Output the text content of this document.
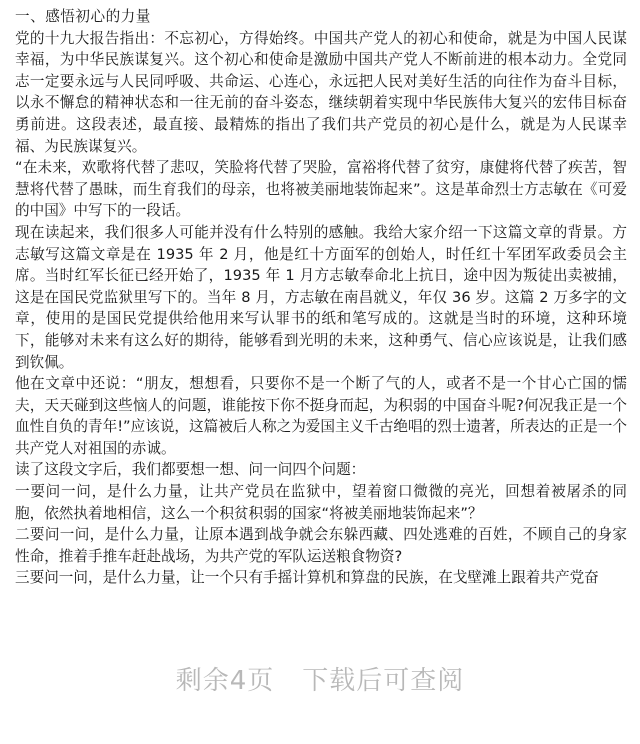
一、感悟初心的力量

党的十九大报告指出：不忘初心，方得始终。中国共产党人的初心和使命，就是为中国人民谋幸福，为中华民族谋复兴。这个初心和使命是激励中国共产党人不断前进的根本动力。全党同志一定要永远与人民同呼吸、共命运、心连心，永远把人民对美好生活的向往作为奋斗目标，以永不懈怠的精神状态和一往无前的奋斗姿态，继续朝着实现中华民族伟大复兴的宏伟目标奋勇前进。这段表述，最直接、最精炼的指出了我们共产党员的初心是什么，就是为人民谋幸福、为民族谋复兴。

“在未来，欢歌将代替了悲叹，笑脸将代替了哭脸，富裕将代替了贫穷，康健将代替了疾苦，智慧将代替了愚昧，而生育我们的母亲，也将被美丽地装饰起来”。这是革命烈士方志敏在《可爱的中国》中写下的一段话。

现在读起来，我们很多人可能并没有什么特别的感触。我给大家介绍一下这篇文章的背景。方志敏写这篇文章是在 1935 年 2 月，他是红十方面军的创始人，时任红十军团军政委员会主席。当时红军长征已经开始了，1935 年 1 月方志敏奉命北上抗日，途中因为叛徒出卖被捕，这是在国民党监狱里写下的。当年 8 月，方志敏在南昌就义，年仅 36 岁。这篇 2 万多字的文章，使用的是国民党提供给他用来写认罪书的纸和笔写成的。这就是当时的环境，这种环境下，能够对未来有这么好的期待，能够看到光明的未来，这种勇气、信心应该说是，让我们感到钦佩。

他在文章中还说：“朋友，想想看，只要你不是一个断了气的人，或者不是一个甘心亡国的懦夫，天天碰到这些恼人的问题，谁能按下你不挺身而起，为积弱的中国奋斗呢?何况我正是一个血性自负的青年!”应该说，这篇被后人称之为爱国主义千古绝唱的烈士遗著，所表达的正是一个共产党人对祖国的赤诚。

读了这段文字后，我们都要想一想、问一问四个问题：

一要问一问，是什么力量，让共产党员在监狱中，望着窗口微微的亮光，回想着被屠杀的同胞，依然执着地相信，这么一个积贫积弱的国家“将被美丽地装饰起来”？

二要问一问，是什么力量，让原本遇到战争就会东躲西藏、四处逃难的百姓，不顾自己的身家性命，推着手推车赶赴战场，为共产党的军队运送粮食物资?

三要问一问，是什么力量，让一个只有手摇计算机和算盘的民族，在戈壁滩上跟着共产党奋

剩余4页 下载后可查阅
